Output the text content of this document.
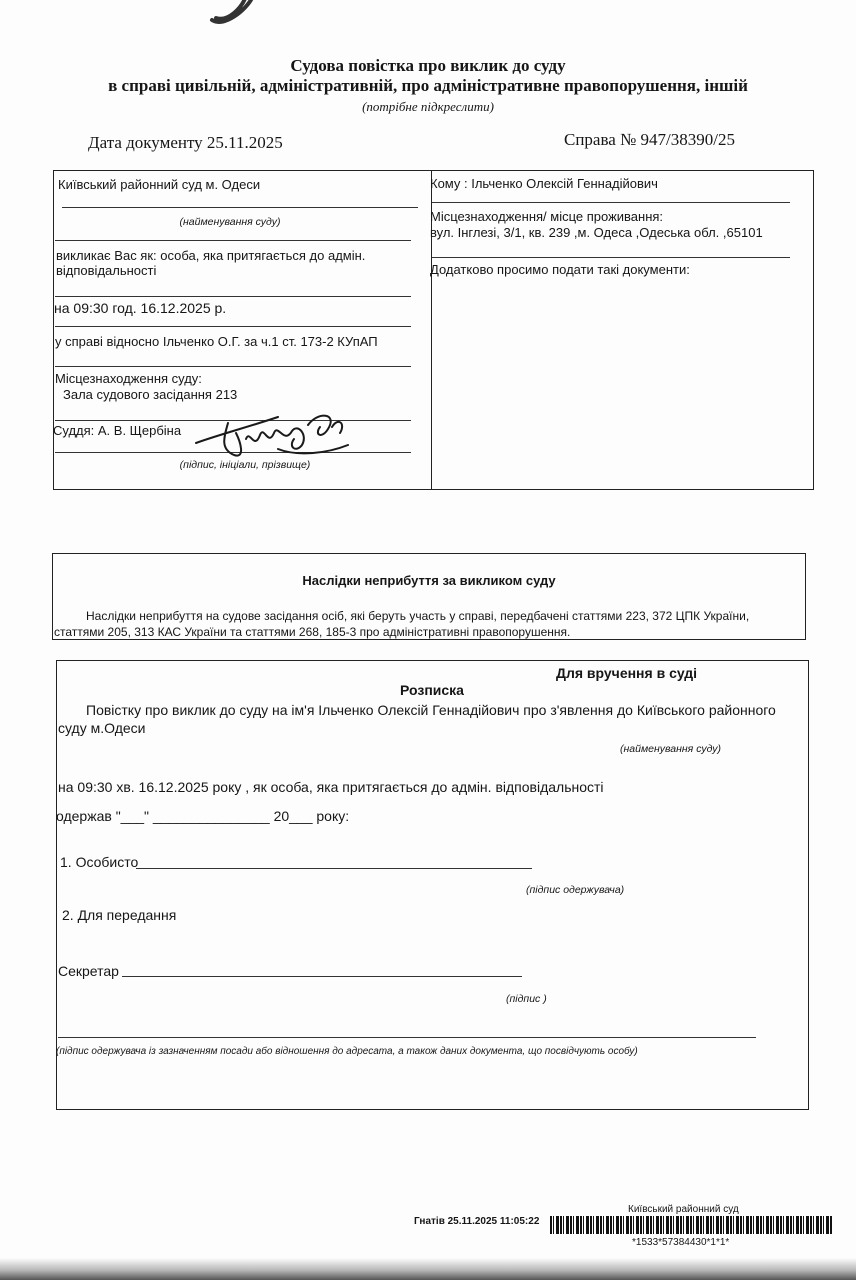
Судова повістка про виклик до суду
в справі цивільній, адміністративній, про адміністративне правопорушення, іншій
(потрібне підкреслити)
Дата документу 25.11.2025	Справа № 947/38390/25
Київський районний суд м. Одеси
(найменування суду)
викликає Вас як: особа, яка притягається до адмін.
відповідальності
на 09:30 год. 16.12.2025 р.
у справі відносно Ільченко О.Г. за ч.1 ст. 173-2 КУпАП
Місцезнаходження суду:
Зала судового засідання 213
Суддя: А. В. Щербіна
(підпис, ініціали, прізвище)
Кому : Ільченко Олексій Геннадійович
Місцезнаходження/ місце проживання:
вул. Інглезі, 3/1, кв. 239 ,м. Одеса ,Одеська обл. ,65101
Додатково просимо подати такі документи:
Наслідки неприбуття за викликом суду
Наслідки неприбуття на судове засідання осіб, які беруть участь у справі, передбачені статтями 223, 372 ЦПК України,
статтями 205, 313 КАС України та статтями 268, 185-3 про адміністративні правопорушення.
Для вручення в суді
Розписка
Повістку про виклик до суду на ім'я Ільченко Олексій Геннадійович про з'явлення до Київського районного
суду м.Одеси
(найменування суду)
на 09:30 хв. 16.12.2025 року , як особа, яка притягається до адмін. відповідальності
одержав "___" _______________ 20___ року:
1. Особисто
(підпис одержувача)
2. Для передання
Секретар
(підпис )
(підпис одержувача із зазначенням посади або відношення до адресата, а також даних документа, що посвідчують особу)
Київський районний суд
Гнатів 25.11.2025 11:05:22
*1533*57384430*1*1*
